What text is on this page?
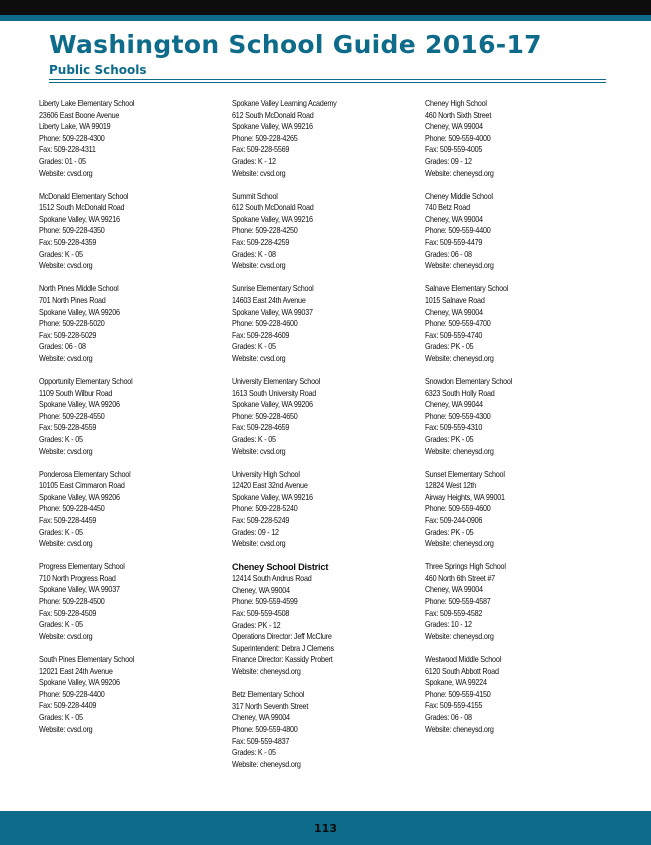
Washington School Guide 2016-17
Public Schools
Liberty Lake Elementary School
23606 East Boone Avenue
Liberty Lake, WA 99019
Phone: 509-228-4300
Fax: 509-228-4311
Grades: 01 - 05
Website: cvsd.org
McDonald Elementary School
1512 South McDonald Road
Spokane Valley, WA 99216
Phone: 509-228-4350
Fax: 509-228-4359
Grades: K - 05
Website: cvsd.org
North Pines Middle School
701 North Pines Road
Spokane Valley, WA 99206
Phone: 509-228-5020
Fax: 509-228-5029
Grades: 06 - 08
Website: cvsd.org
Opportunity Elementary School
1109 South Wilbur Road
Spokane Valley, WA 99206
Phone: 509-228-4550
Fax: 509-228-4559
Grades: K - 05
Website: cvsd.org
Ponderosa Elementary School
10105 East Cimmaron Road
Spokane Valley, WA 99206
Phone: 509-228-4450
Fax: 509-228-4459
Grades: K - 05
Website: cvsd.org
Progress Elementary School
710 North Progress Road
Spokane Valley, WA 99037
Phone: 509-228-4500
Fax: 509-228-4509
Grades: K - 05
Website: cvsd.org
South Pines Elementary School
12021 East 24th Avenue
Spokane Valley, WA 99206
Phone: 509-228-4400
Fax: 509-228-4409
Grades: K - 05
Website: cvsd.org
Spokane Valley Learning Academy
612 South McDonald Road
Spokane Valley, WA 99216
Phone: 509-228-4265
Fax: 509-228-5569
Grades: K - 12
Website: cvsd.org
Summit School
612 South McDonald Road
Spokane Valley, WA 99216
Phone: 509-228-4250
Fax: 509-228-4259
Grades: K - 08
Website: cvsd.org
Sunrise Elementary School
14603 East 24th Avenue
Spokane Valley, WA 99037
Phone: 509-228-4600
Fax: 509-228-4609
Grades: K - 05
Website: cvsd.org
University Elementary School
1613 South University Road
Spokane Valley, WA 99206
Phone: 509-228-4650
Fax: 509-228-4659
Grades: K - 05
Website: cvsd.org
University High School
12420 East 32nd Avenue
Spokane Valley, WA 99216
Phone: 509-228-5240
Fax: 509-228-5249
Grades: 09 - 12
Website: cvsd.org
Cheney School District
12414 South Andrus Road
Cheney, WA 99004
Phone: 509-559-4599
Fax: 509-559-4508
Grades: PK - 12
Operations Director: Jeff McClure
Superintendent: Debra J Clemens
Finance Director: Kassidy Probert
Website: cheneysd.org
Betz Elementary School
317 North Seventh Street
Cheney, WA 99004
Phone: 509-559-4800
Fax: 509-559-4837
Grades: K - 05
Website: cheneysd.org
Cheney High School
460 North Sixth Street
Cheney, WA 99004
Phone: 509-559-4000
Fax: 509-559-4005
Grades: 09 - 12
Website: cheneysd.org
Cheney Middle School
740 Betz Road
Cheney, WA 99004
Phone: 509-559-4400
Fax: 509-559-4479
Grades: 06 - 08
Website: cheneysd.org
Salnave Elementary School
1015 Salnave Road
Cheney, WA 99004
Phone: 509-559-4700
Fax: 509-559-4740
Grades: PK - 05
Website: cheneysd.org
Snowdon Elementary School
6323 South Holly Road
Cheney, WA 99044
Phone: 509-559-4300
Fax: 509-559-4310
Grades: PK - 05
Website: cheneysd.org
Sunset Elementary School
12824 West 12th
Airway Heights, WA 99001
Phone: 509-559-4600
Fax: 509-244-0906
Grades: PK - 05
Website: cheneysd.org
Three Springs High School
460 North 6th Street #7
Cheney, WA 99004
Phone: 509-559-4587
Fax: 509-559-4582
Grades: 10 - 12
Website: cheneysd.org
Westwood Middle School
6120 South Abbott Road
Spokane, WA 99224
Phone: 509-559-4150
Fax: 509-559-4155
Grades: 06 - 08
Website: cheneysd.org
113
